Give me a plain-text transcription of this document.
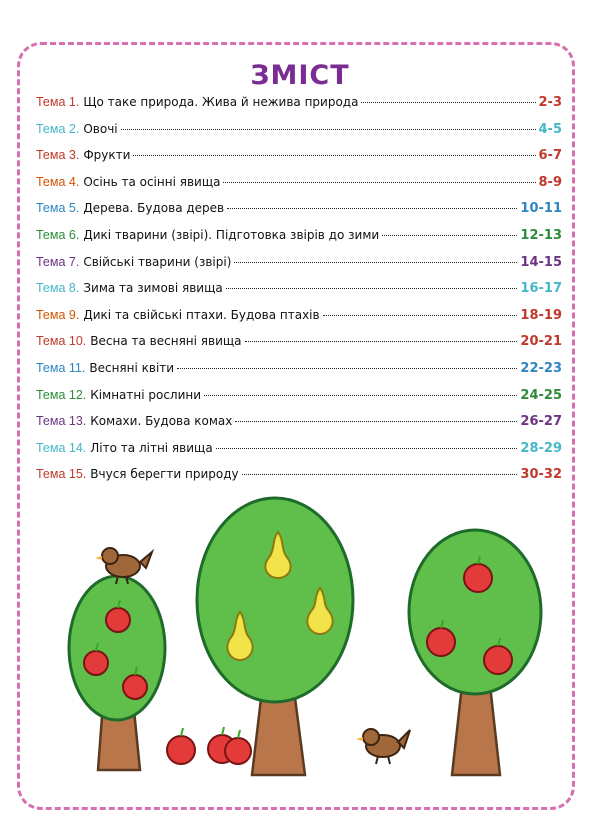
ЗМІСТ
Тема 1. Що таке природа. Жива й нежива природа	2-3
Тема 2. Овочі	4-5
Тема 3. Фрукти	6-7
Тема 4. Осінь та осінні явища	8-9
Тема 5. Дерева. Будова дерев	10-11
Тема 6. Дикі тварини (звірі). Підготовка звірів до зими	12-13
Тема 7. Свійські тварини (звірі)	14-15
Тема 8. Зима та зимові явища	16-17
Тема 9. Дикі та свійські птахи. Будова птахів	18-19
Тема 10. Весна та весняні явища	20-21
Тема 11. Весняні квіти	22-23
Тема 12. Кімнатні рослини	24-25
Тема 13. Комахи. Будова комах	26-27
Тема 14. Літо та літні явища	28-29
Тема 15. Вчуся берегти природу	30-32
